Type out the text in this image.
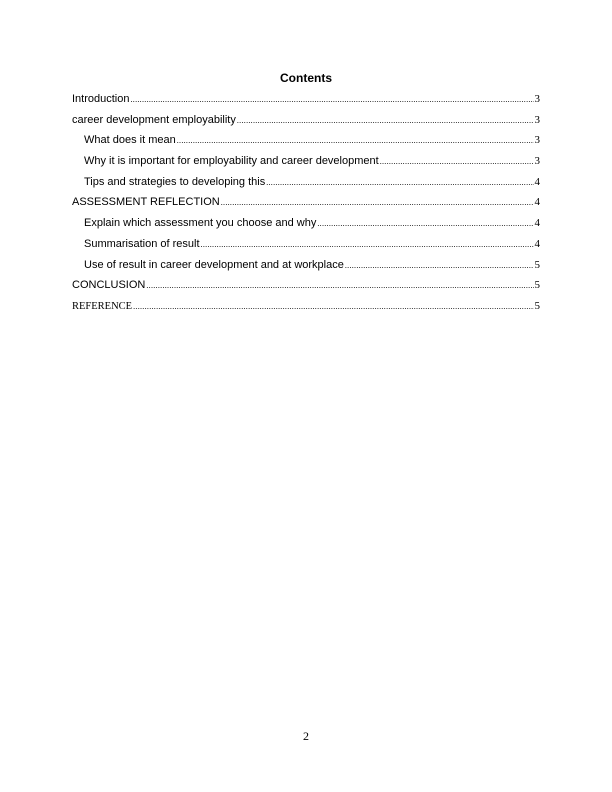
Contents
Introduction .....	3
career development employability .....	3
What does it mean .....	3
Why it is important for employability and career development .....	3
Tips and strategies to developing this .....	4
ASSESSMENT REFLECTION .....	4
Explain which assessment you choose and why .....	4
Summarisation of result .....	4
Use of result in career development and at workplace .....	5
CONCLUSION .....	5
REFERENCE .....	5
2
